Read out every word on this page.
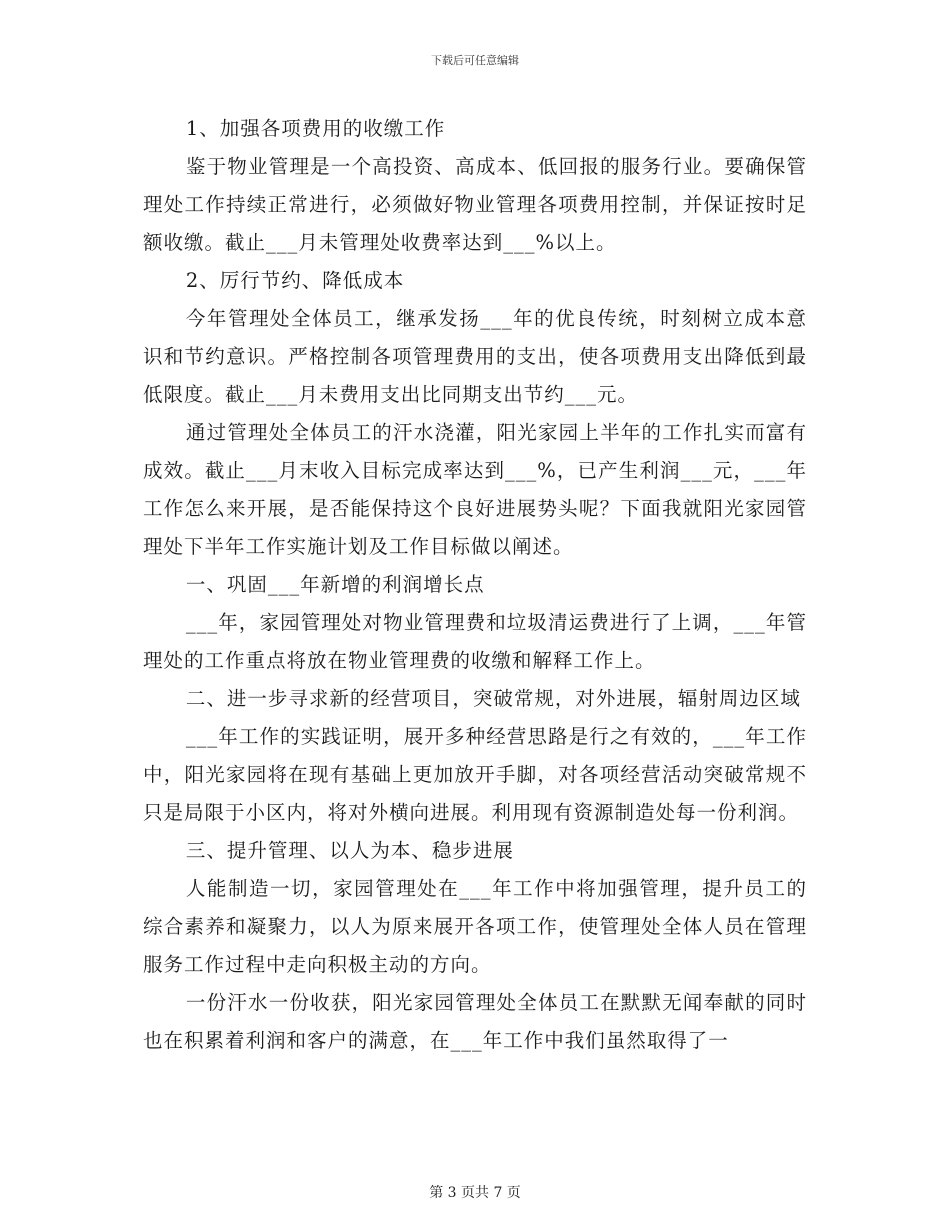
下载后可任意编辑

1、加强各项费用的收缴工作

鉴于物业管理是一个高投资、高成本、低回报的服务行业。要确保管理处工作持续正常进行，必须做好物业管理各项费用控制，并保证按时足额收缴。截止___月未管理处收费率达到___%以上。

2、厉行节约、降低成本

今年管理处全体员工，继承发扬___年的优良传统，时刻树立成本意识和节约意识。严格控制各项管理费用的支出，使各项费用支出降低到最低限度。截止___月未费用支出比同期支出节约___元。

通过管理处全体员工的汗水浇灌，阳光家园上半年的工作扎实而富有成效。截止___月末收入目标完成率达到___%，已产生利润___元，___年工作怎么来开展，是否能保持这个良好进展势头呢？下面我就阳光家园管理处下半年工作实施计划及工作目标做以阐述。

一、巩固___年新增的利润增长点

___年，家园管理处对物业管理费和垃圾清运费进行了上调，___年管理处的工作重点将放在物业管理费的收缴和解释工作上。

二、进一步寻求新的经营项目，突破常规，对外进展，辐射周边区域

___年工作的实践证明，展开多种经营思路是行之有效的，___年工作中，阳光家园将在现有基础上更加放开手脚，对各项经营活动突破常规不只是局限于小区内，将对外横向进展。利用现有资源制造处每一份利润。

三、提升管理、以人为本、稳步进展

人能制造一切，家园管理处在___年工作中将加强管理，提升员工的综合素养和凝聚力，以人为原来展开各项工作，使管理处全体人员在管理服务工作过程中走向积极主动的方向。

一份汗水一份收获，阳光家园管理处全体员工在默默无闻奉献的同时也在积累着利润和客户的满意，在___年工作中我们虽然取得了一

第 3 页共 7 页
